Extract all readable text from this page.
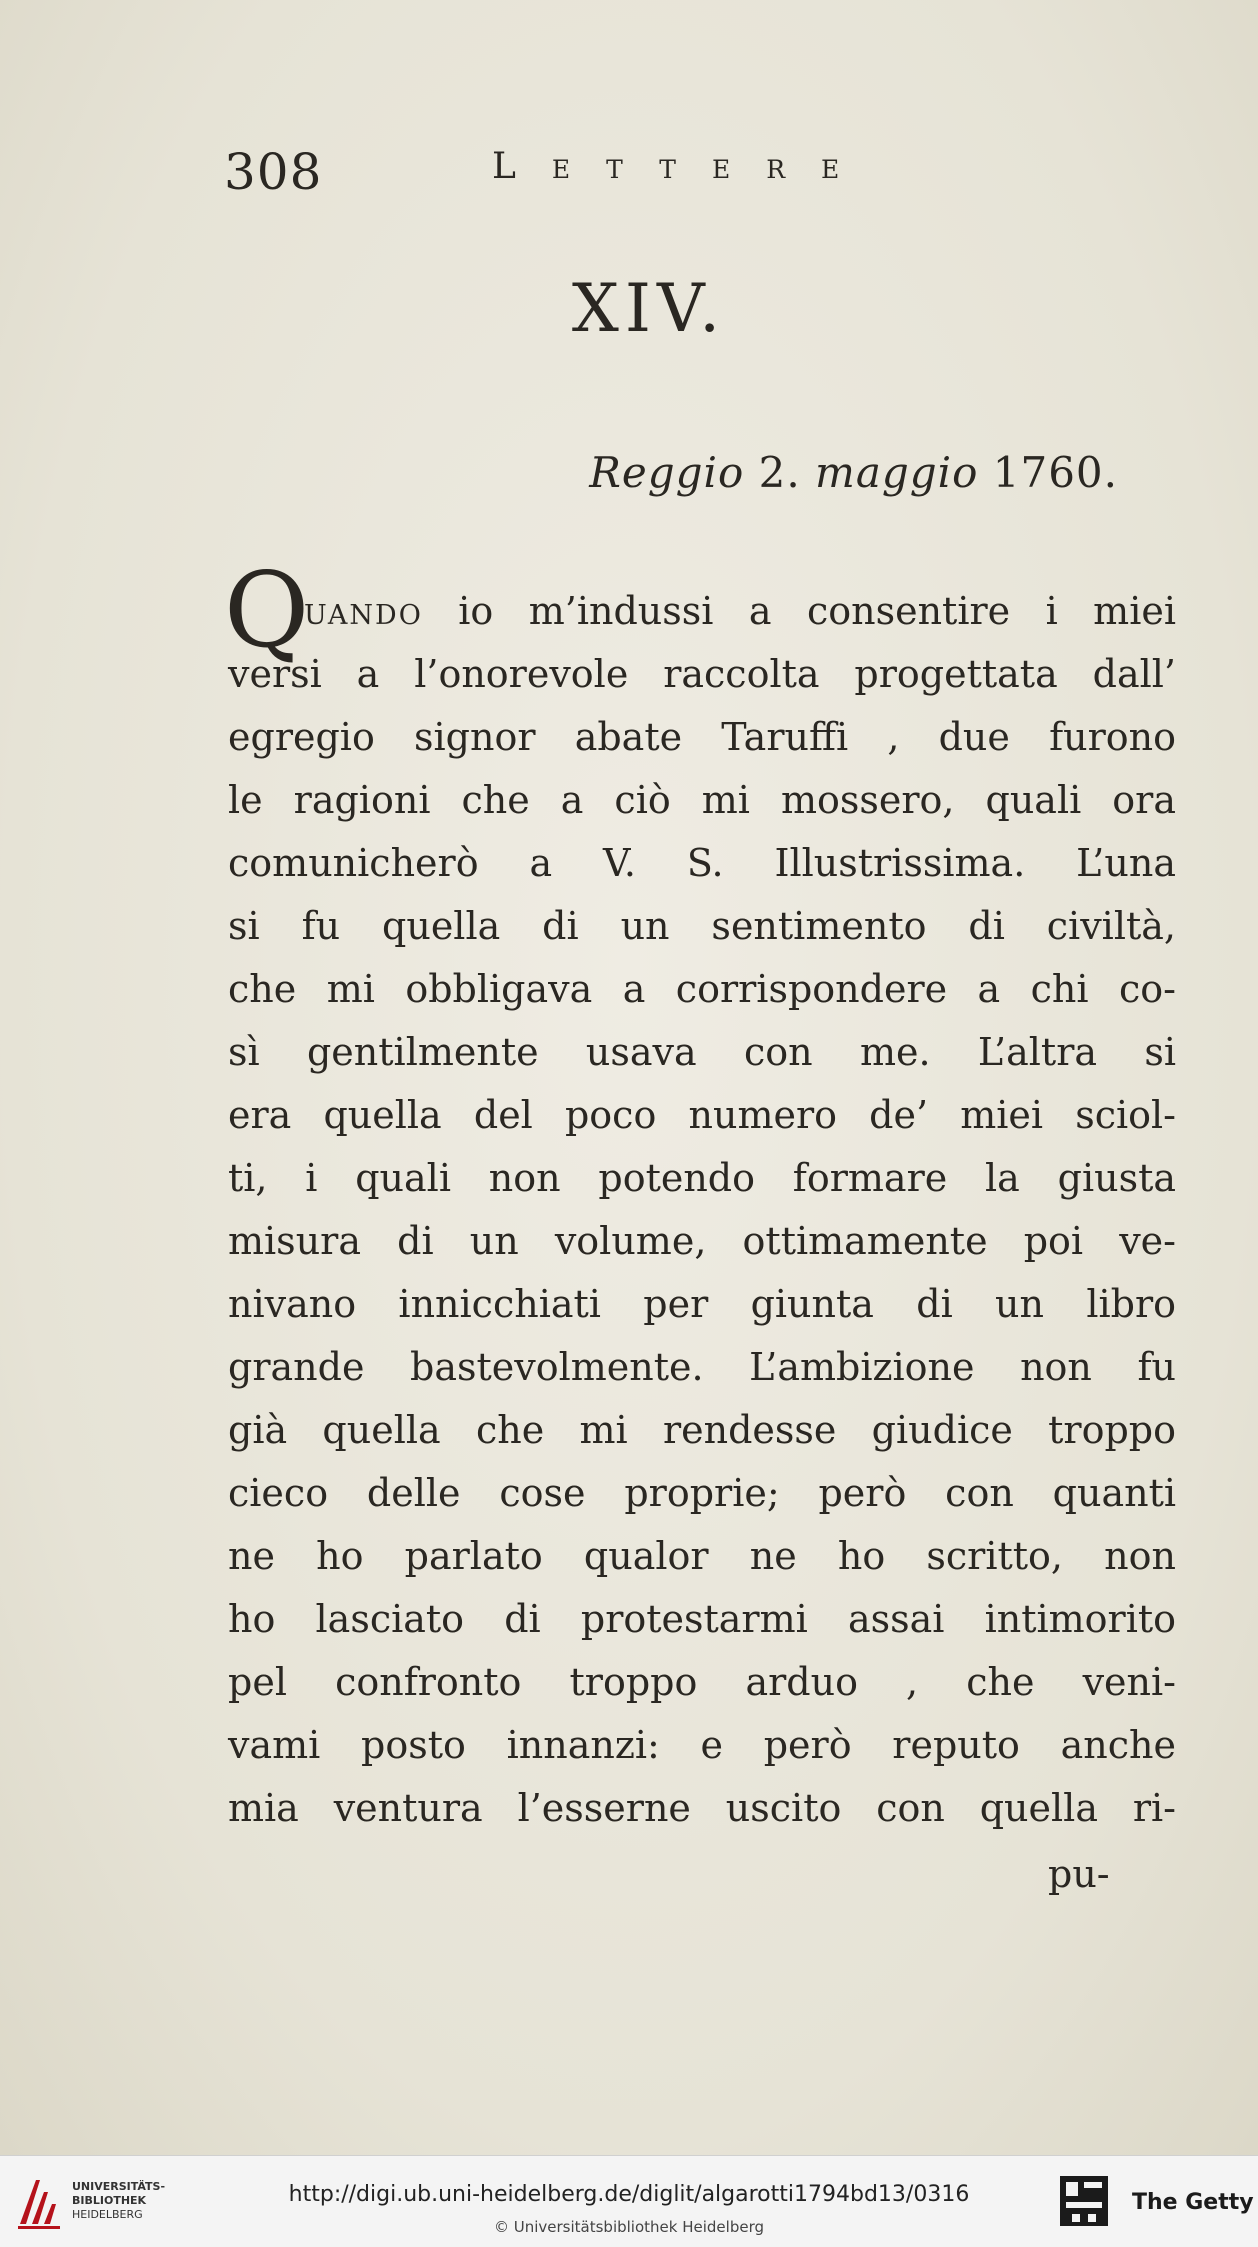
308	Lettere
XIV.
Reggio 2. maggio 1760.
Q
uando io m’indussi a consentire i miei
versi a l’onorevole raccolta progettata dall’
egregio signor abate Taruffi , due furono
le ragioni che a ciò mi mossero, quali ora
comunicherò a V. S. Illustrissima. L’una
si fu quella di un sentimento di civiltà,
che mi obbligava a corrispondere a chi co-
sì gentilmente usava con me. L’altra si
era quella del poco numero de’ miei sciol-
ti, i quali non potendo formare la giusta
misura di un volume, ottimamente poi ve-
nivano innicchiati per giunta di un libro
grande bastevolmente. L’ambizione non fu
già quella che mi rendesse giudice troppo
cieco delle cose proprie; però con quanti
ne ho parlato qualor ne ho scritto, non
ho lasciato di protestarmi assai intimorito
pel confronto troppo arduo , che veni-
vami posto innanzi: e però reputo anche
mia ventura l’esserne uscito con quella ri-
pu-
UNIVERSITÄTS-
BIBLIOTHEK
HEIDELBERG
http://digi.ub.uni-heidelberg.de/diglit/algarotti1794bd13/0316
© Universitätsbibliothek Heidelberg
The Getty
